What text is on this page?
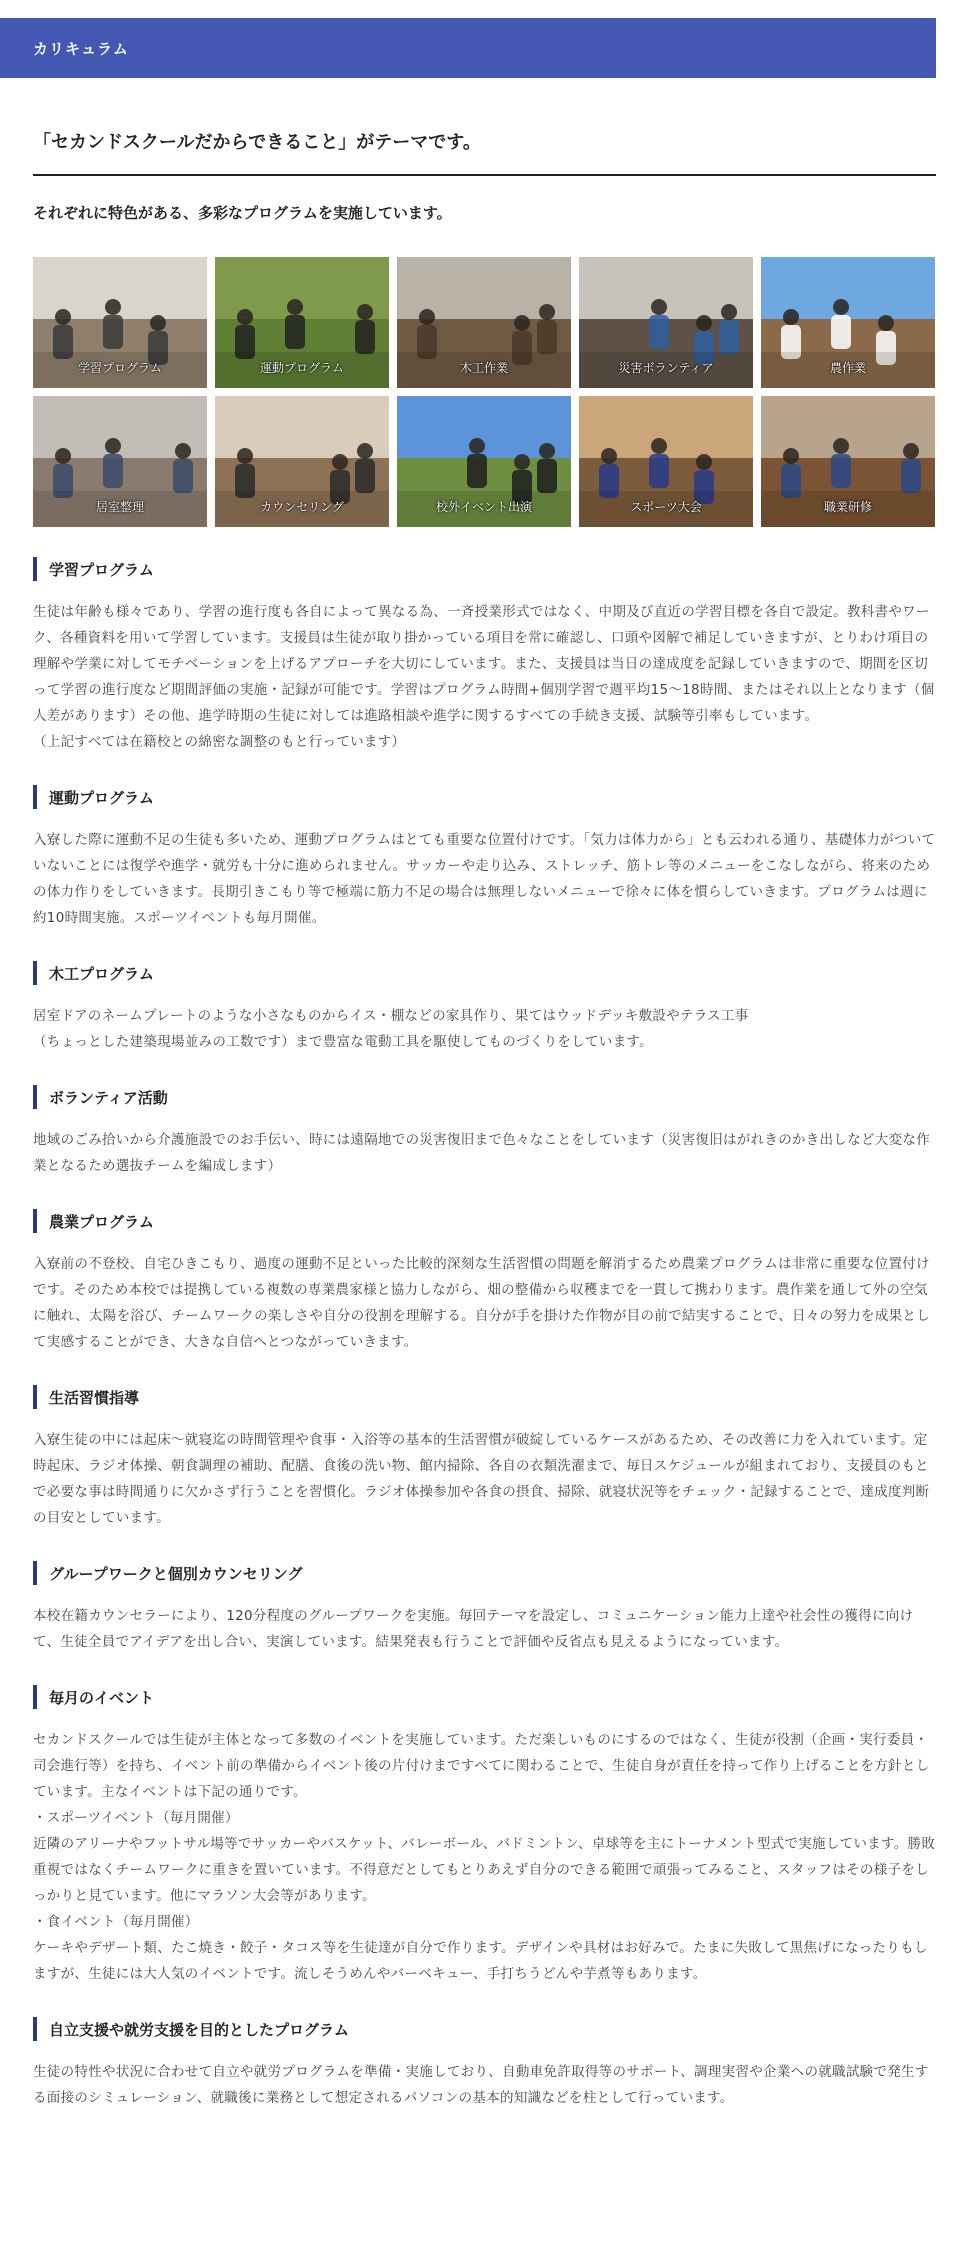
カリキュラム
「セカンドスクールだからできること」がテーマです。
それぞれに特色がある、多彩なプログラムを実施しています。
学習プログラム	運動プログラム	木工作業	災害ボランティア	農作業
居室整理	カウンセリング	校外イベント出演	スポーツ大会	職業研修
学習プログラム
生徒は年齢も様々であり、学習の進行度も各自によって異なる為、一斉授業形式ではなく、中期及び直近の学習目標を各自で設定。教科書やワーク、各種資料を用いて学習しています。支援員は生徒が取り掛かっている項目を常に確認し、口頭や図解で補足していきますが、とりわけ項目の理解や学業に対してモチベーションを上げるアプローチを大切にしています。また、支援員は当日の達成度を記録していきますので、期間を区切って学習の進行度など期間評価の実施・記録が可能です。学習はプログラム時間+個別学習で週平均15～18時間、またはそれ以上となります（個人差があります）その他、進学時期の生徒に対しては進路相談や進学に関するすべての手続き支援、試験等引率もしています。
（上記すべては在籍校との綿密な調整のもと行っています）
運動プログラム
入寮した際に運動不足の生徒も多いため、運動プログラムはとても重要な位置付けです。「気力は体力から」とも云われる通り、基礎体力がついていないことには復学や進学・就労も十分に進められません。サッカーや走り込み、ストレッチ、筋トレ等のメニューをこなしながら、将来のための体力作りをしていきます。長期引きこもり等で極端に筋力不足の場合は無理しないメニューで徐々に体を慣らしていきます。プログラムは週に約10時間実施。スポーツイベントも毎月開催。
木工プログラム
居室ドアのネームプレートのような小さなものからイス・棚などの家具作り、果てはウッドデッキ敷設やテラス工事
（ちょっとした建築現場並みの工数です）まで豊富な電動工具を駆使してものづくりをしています。
ボランティア活動
地域のごみ拾いから介護施設でのお手伝い、時には遠隔地での災害復旧まで色々なことをしています（災害復旧はがれきのかき出しなど大変な作業となるため選抜チームを編成します）
農業プログラム
入寮前の不登校、自宅ひきこもり、過度の運動不足といった比較的深刻な生活習慣の問題を解消するため農業プログラムは非常に重要な位置付けです。そのため本校では提携している複数の専業農家様と協力しながら、畑の整備から収穫までを一貫して携わります。農作業を通して外の空気に触れ、太陽を浴び、チームワークの楽しさや自分の役割を理解する。自分が手を掛けた作物が目の前で結実することで、日々の努力を成果として実感することができ、大きな自信へとつながっていきます。
生活習慣指導
入寮生徒の中には起床～就寝迄の時間管理や食事・入浴等の基本的生活習慣が破綻しているケースがあるため、その改善に力を入れています。定時起床、ラジオ体操、朝食調理の補助、配膳、食後の洗い物、館内掃除、各自の衣類洗濯まで、毎日スケジュールが組まれており、支援員のもとで必要な事は時間通りに欠かさず行うことを習慣化。ラジオ体操参加や各食の摂食、掃除、就寝状況等をチェック・記録することで、達成度判断の目安としています。
グループワークと個別カウンセリング
本校在籍カウンセラーにより、120分程度のグループワークを実施。毎回テーマを設定し、コミュニケーション能力上達や社会性の獲得に向けて、生徒全員でアイデアを出し合い、実演しています。結果発表も行うことで評価や反省点も見えるようになっています。
毎月のイベント
セカンドスクールでは生徒が主体となって多数のイベントを実施しています。ただ楽しいものにするのではなく、生徒が役割（企画・実行委員・司会進行等）を持ち、イベント前の準備からイベント後の片付けまですべてに関わることで、生徒自身が責任を持って作り上げることを方針としています。主なイベントは下記の通りです。
・スポーツイベント（毎月開催）
近隣のアリーナやフットサル場等でサッカーやバスケット、バレーボール、バドミントン、卓球等を主にトーナメント型式で実施しています。勝敗重視ではなくチームワークに重きを置いています。不得意だとしてもとりあえず自分のできる範囲で頑張ってみること、スタッフはその様子をしっかりと見ています。他にマラソン大会等があります。
・食イベント（毎月開催）
ケーキやデザート類、たこ焼き・餃子・タコス等を生徒達が自分で作ります。デザインや具材はお好みで。たまに失敗して黒焦げになったりもしますが、生徒には大人気のイベントです。流しそうめんやバーベキュー、手打ちうどんや芋煮等もあります。
自立支援や就労支援を目的としたプログラム
生徒の特性や状況に合わせて自立や就労プログラムを準備・実施しており、自動車免許取得等のサポート、調理実習や企業への就職試験で発生する面接のシミュレーション、就職後に業務として想定されるパソコンの基本的知識などを柱として行っています。
